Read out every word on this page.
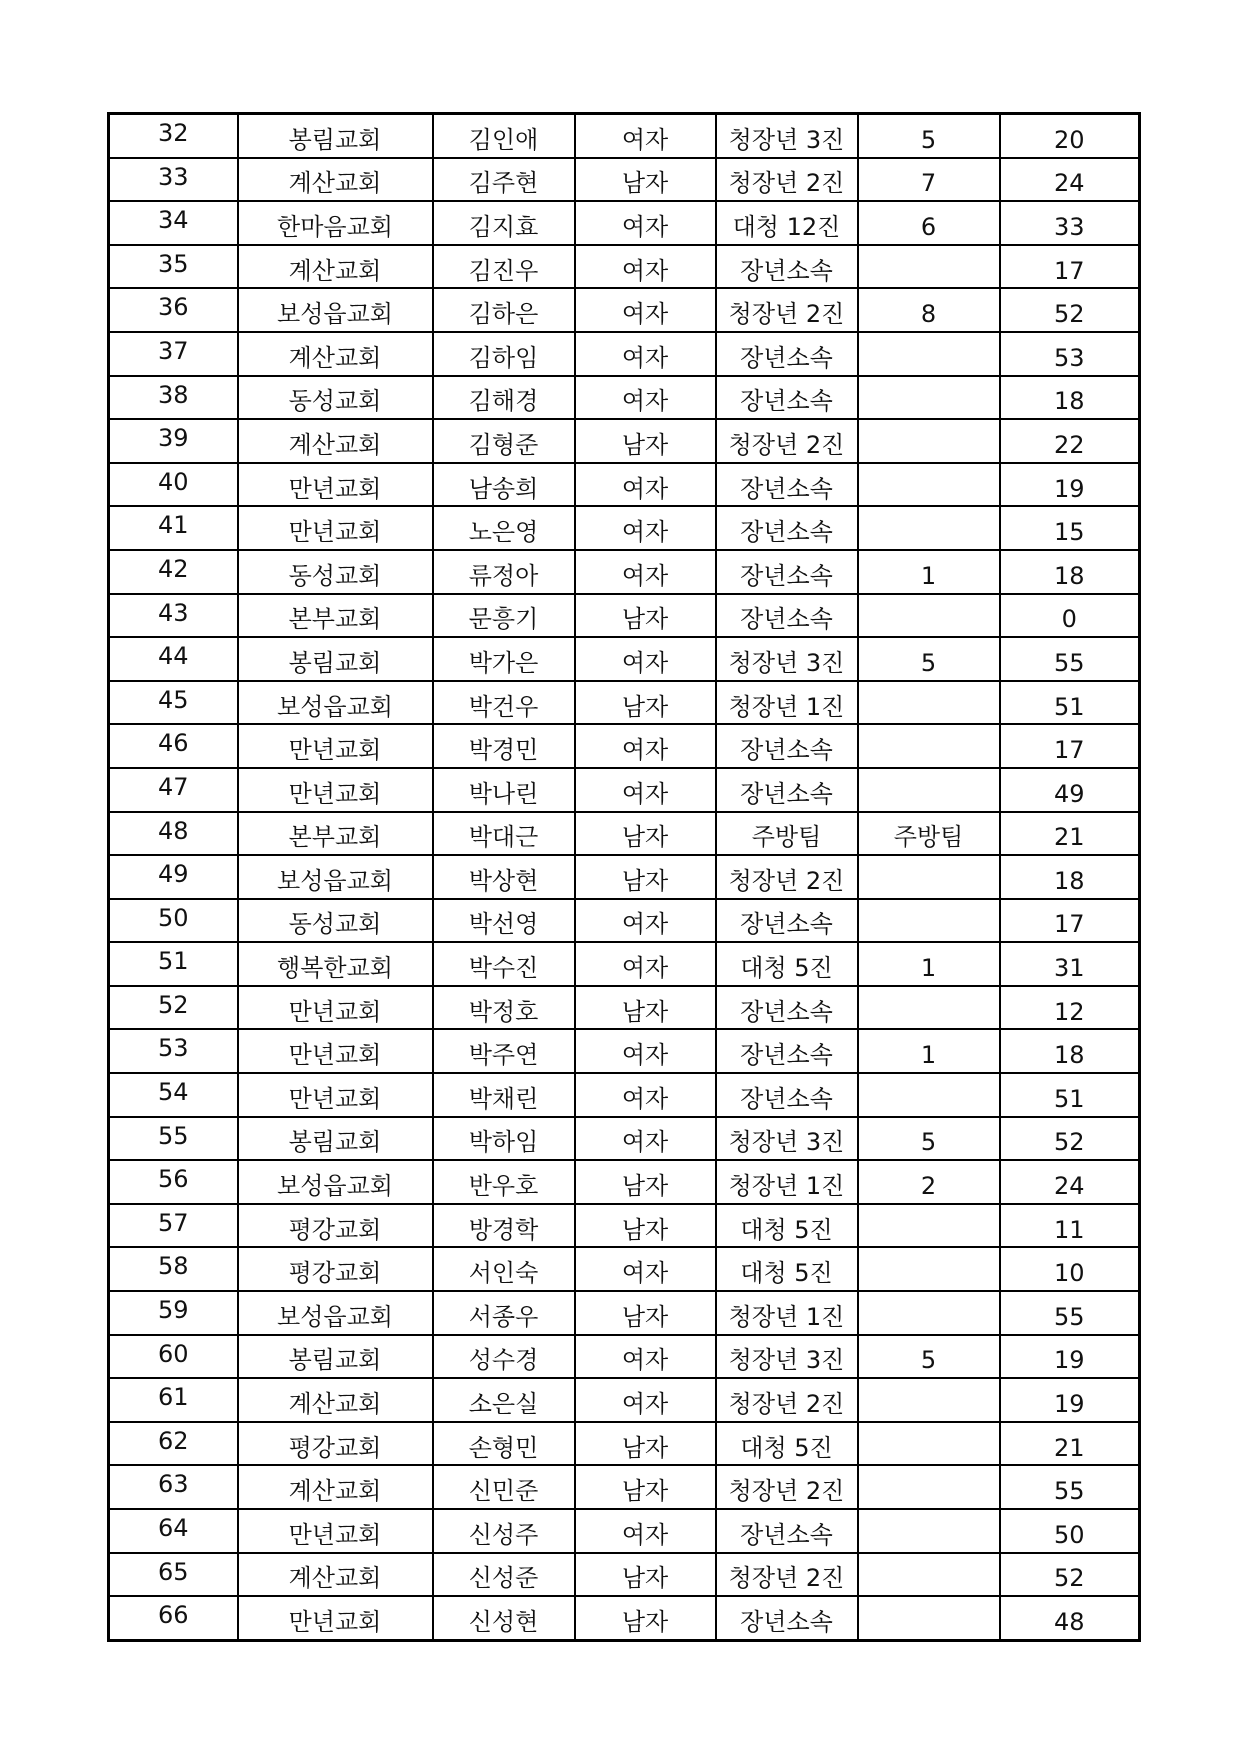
32	봉림교회	김인애	여자	청장년 3진	5	20
33	계산교회	김주현	남자	청장년 2진	7	24
34	한마음교회	김지효	여자	대청 12진	6	33
35	계산교회	김진우	여자	장년소속		17
36	보성읍교회	김하은	여자	청장년 2진	8	52
37	계산교회	김하임	여자	장년소속		53
38	동성교회	김해경	여자	장년소속		18
39	계산교회	김형준	남자	청장년 2진		22
40	만년교회	남송희	여자	장년소속		19
41	만년교회	노은영	여자	장년소속		15
42	동성교회	류정아	여자	장년소속	1	18
43	본부교회	문흥기	남자	장년소속		0
44	봉림교회	박가은	여자	청장년 3진	5	55
45	보성읍교회	박건우	남자	청장년 1진		51
46	만년교회	박경민	여자	장년소속		17
47	만년교회	박나린	여자	장년소속		49
48	본부교회	박대근	남자	주방팀	주방팀	21
49	보성읍교회	박상현	남자	청장년 2진		18
50	동성교회	박선영	여자	장년소속		17
51	행복한교회	박수진	여자	대청 5진	1	31
52	만년교회	박정호	남자	장년소속		12
53	만년교회	박주연	여자	장년소속	1	18
54	만년교회	박채린	여자	장년소속		51
55	봉림교회	박하임	여자	청장년 3진	5	52
56	보성읍교회	반우호	남자	청장년 1진	2	24
57	평강교회	방경학	남자	대청 5진		11
58	평강교회	서인숙	여자	대청 5진		10
59	보성읍교회	서종우	남자	청장년 1진		55
60	봉림교회	성수경	여자	청장년 3진	5	19
61	계산교회	소은실	여자	청장년 2진		19
62	평강교회	손형민	남자	대청 5진		21
63	계산교회	신민준	남자	청장년 2진		55
64	만년교회	신성주	여자	장년소속		50
65	계산교회	신성준	남자	청장년 2진		52
66	만년교회	신성현	남자	장년소속		48
